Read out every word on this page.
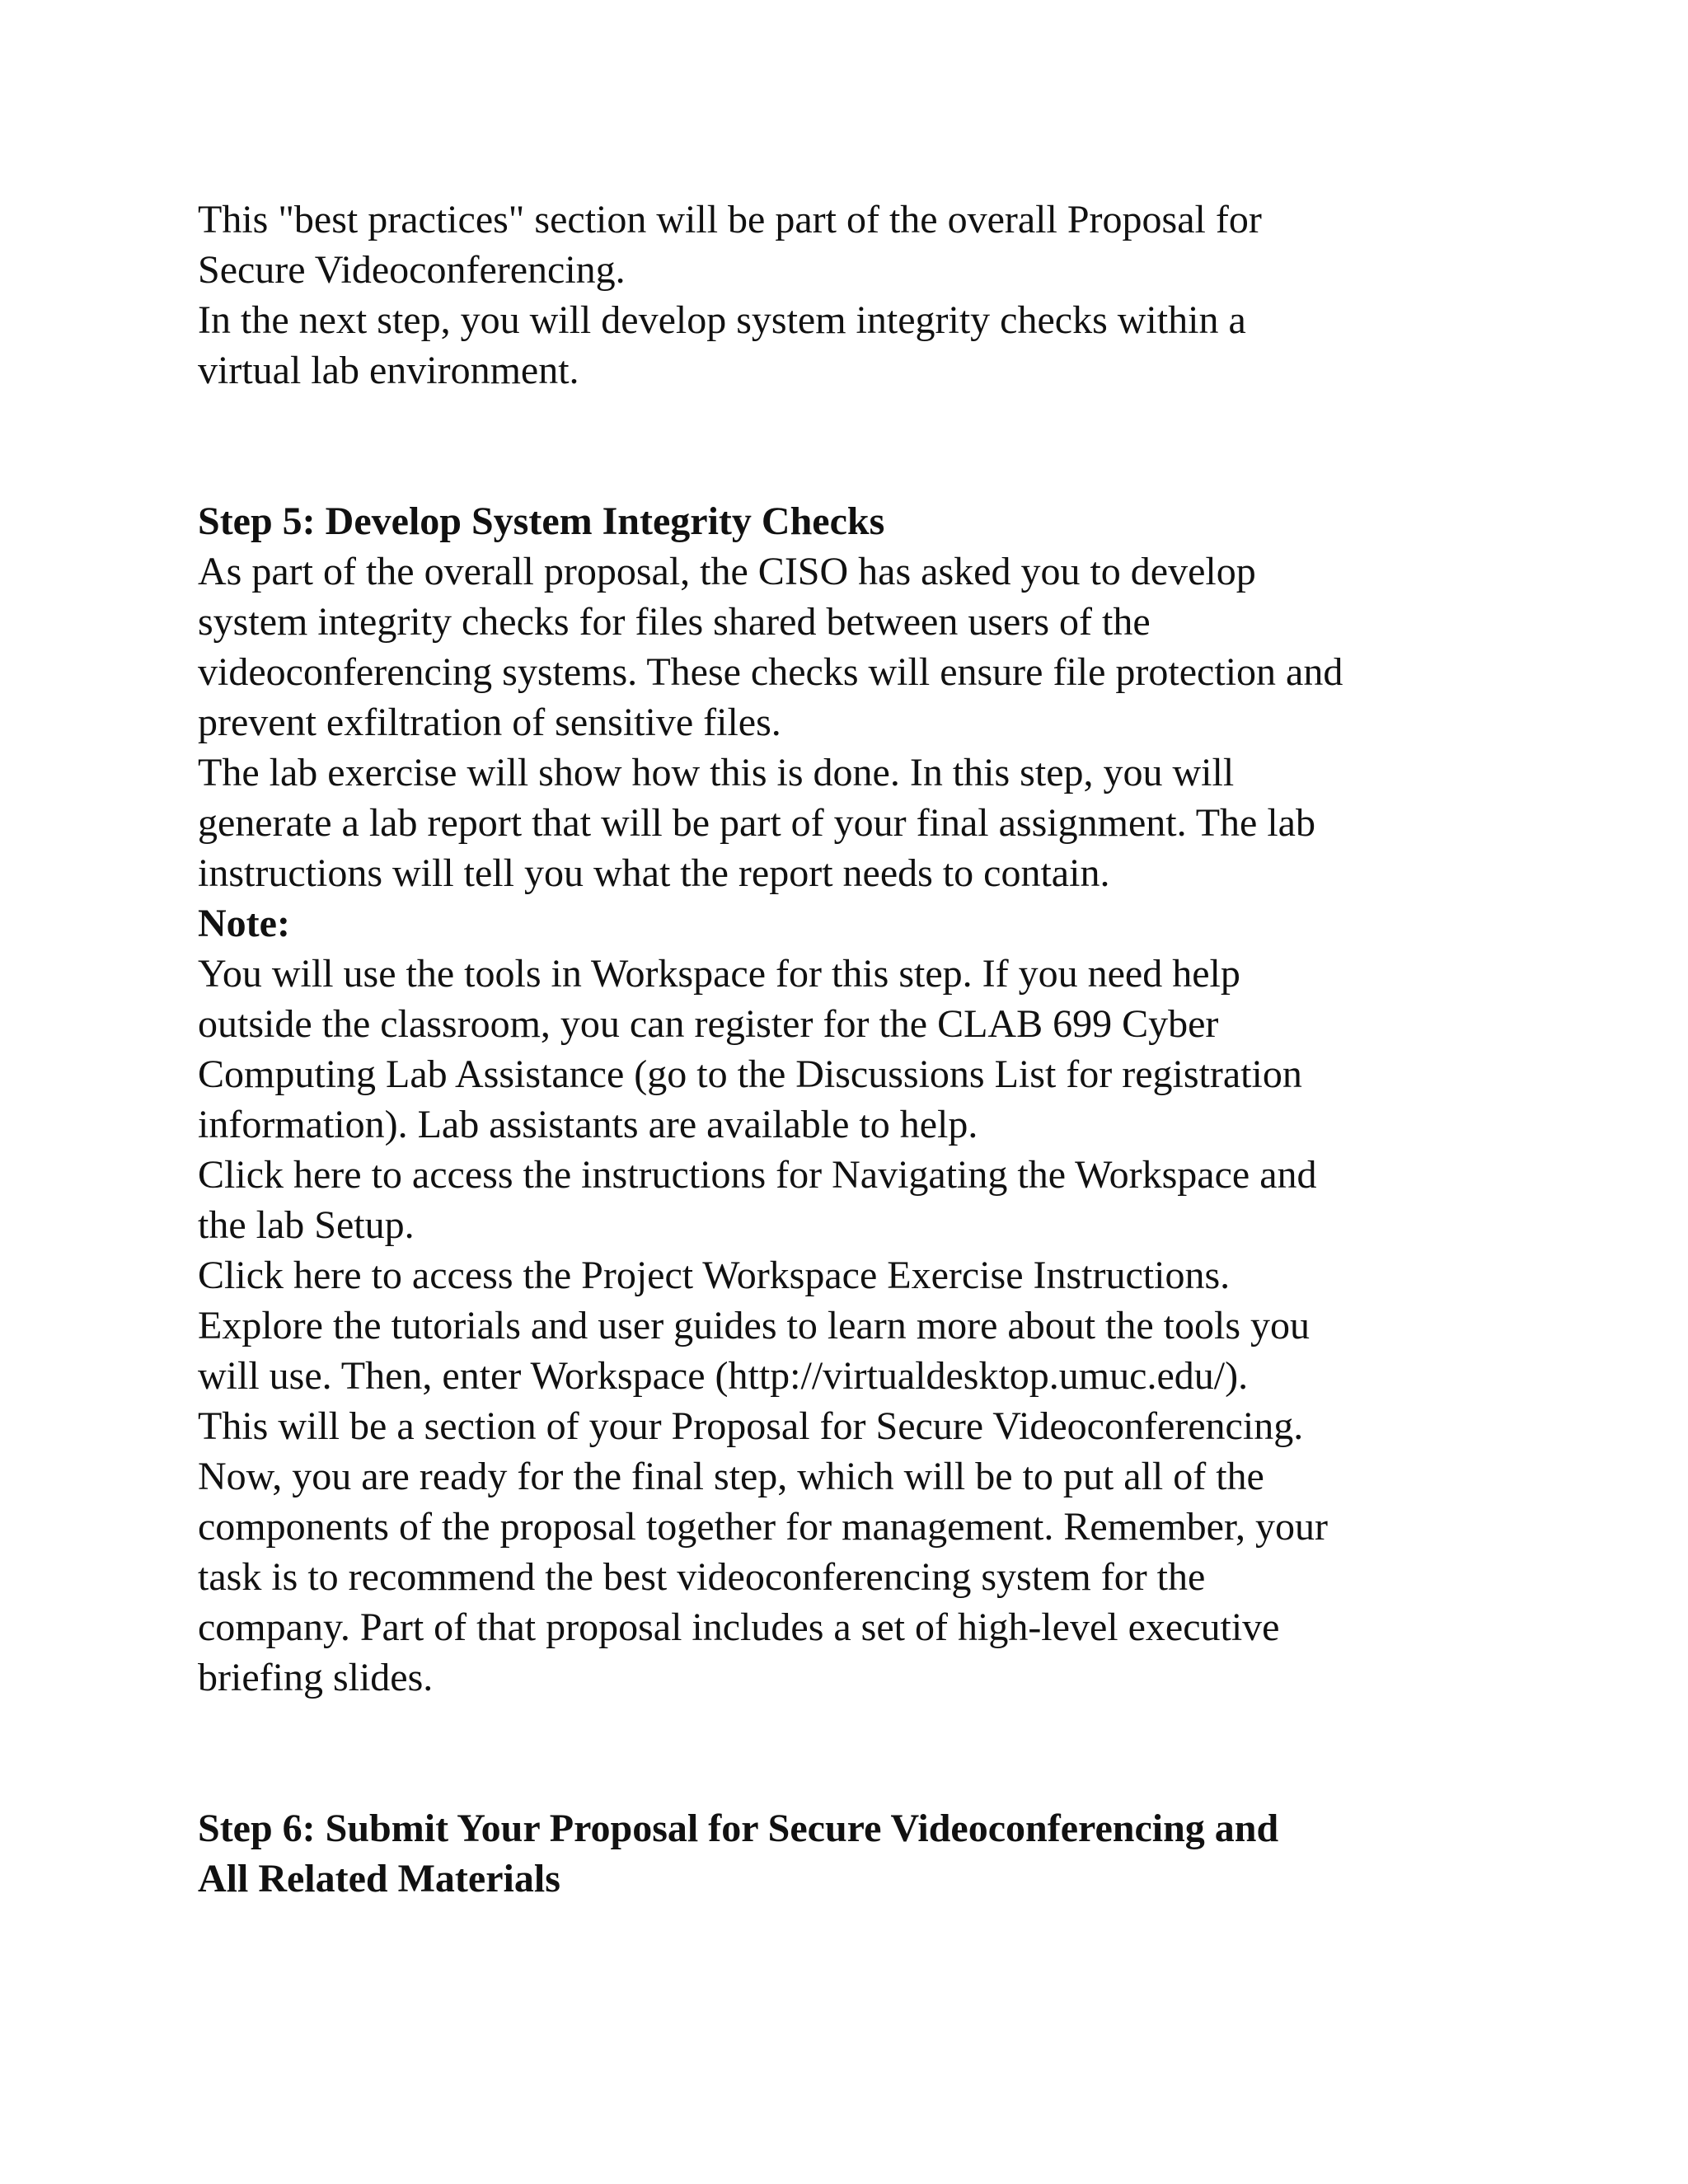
This "best practices" section will be part of the overall Proposal for
Secure Videoconferencing.
In the next step, you will develop system integrity checks within a
virtual lab environment.
Step 5: Develop System Integrity Checks
As part of the overall proposal, the CISO has asked you to develop
system integrity checks for files shared between users of the
videoconferencing systems. These checks will ensure file protection and
prevent exfiltration of sensitive files.
The lab exercise will show how this is done. In this step, you will
generate a lab report that will be part of your final assignment. The lab
instructions will tell you what the report needs to contain.
Note:
You will use the tools in Workspace for this step. If you need help
outside the classroom, you can register for the CLAB 699 Cyber
Computing Lab Assistance (go to the Discussions List for registration
information). Lab assistants are available to help.
Click here to access the instructions for Navigating the Workspace and
the lab Setup.
Click here to access the Project Workspace Exercise Instructions.
Explore the tutorials and user guides to learn more about the tools you
will use. Then, enter Workspace (http://virtualdesktop.umuc.edu/).
This will be a section of your Proposal for Secure Videoconferencing.
Now, you are ready for the final step, which will be to put all of the
components of the proposal together for management. Remember, your
task is to recommend the best videoconferencing system for the
company. Part of that proposal includes a set of high-level executive
briefing slides.
Step 6: Submit Your Proposal for Secure Videoconferencing and
All Related Materials
